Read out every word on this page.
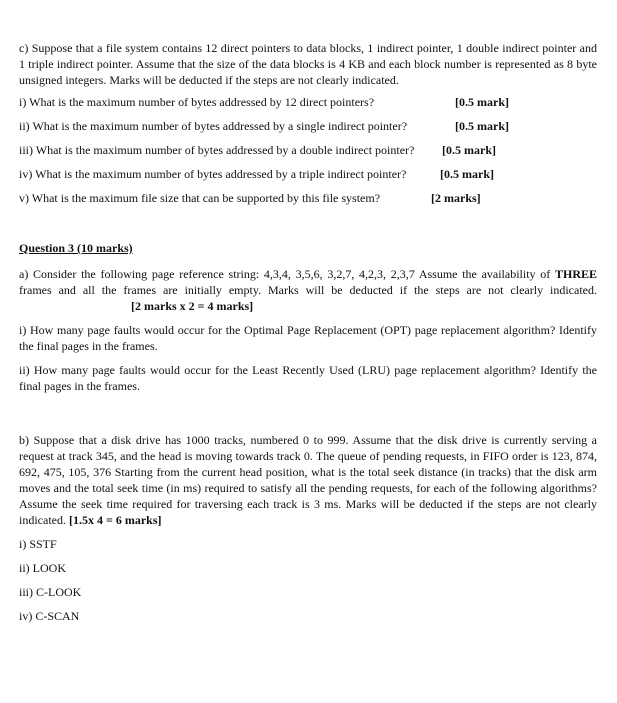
c) Suppose that a file system contains 12 direct pointers to data blocks, 1 indirect pointer, 1 double indirect pointer and 1 triple indirect pointer. Assume that the size of the data blocks is 4 KB and each block number is represented as 8 byte unsigned integers. Marks will be deducted if the steps are not clearly indicated.

i) What is the maximum number of bytes addressed by 12 direct pointers?	[0.5 mark]
ii) What is the maximum number of bytes addressed by a single indirect pointer?	[0.5 mark]
iii) What is the maximum number of bytes addressed by a double indirect pointer? [0.5 mark]
iv) What is the maximum number of bytes addressed by a triple indirect pointer?	[0.5 mark]
v) What is the maximum file size that can be supported by this file system?	[2 marks]

Question 3 (10 marks)

a) Consider the following page reference string: 4,3,4, 3,5,6, 3,2,7, 4,2,3, 2,3,7 Assume the availability of THREE frames and all the frames are initially empty. Marks will be deducted if the steps are not clearly indicated.[2 marks x 2 = 4 marks]

i) How many page faults would occur for the Optimal Page Replacement (OPT) page replacement algorithm? Identify the final pages in the frames.

ii) How many page faults would occur for the Least Recently Used (LRU) page replacement algorithm? Identify the final pages in the frames.

b) Suppose that a disk drive has 1000 tracks, numbered 0 to 999. Assume that the disk drive is currently serving a request at track 345, and the head is moving towards track 0. The queue of pending requests, in FIFO order is 123, 874, 692, 475, 105, 376 Starting from the current head position, what is the total seek distance (in tracks) that the disk arm moves and the total seek time (in ms) required to satisfy all the pending requests, for each of the following algorithms? Assume the seek time required for traversing each track is 3 ms. Marks will be deducted if the steps are not clearly indicated. [1.5x 4 = 6 marks]

i) SSTF
ii) LOOK
iii) C-LOOK
iv) C-SCAN
